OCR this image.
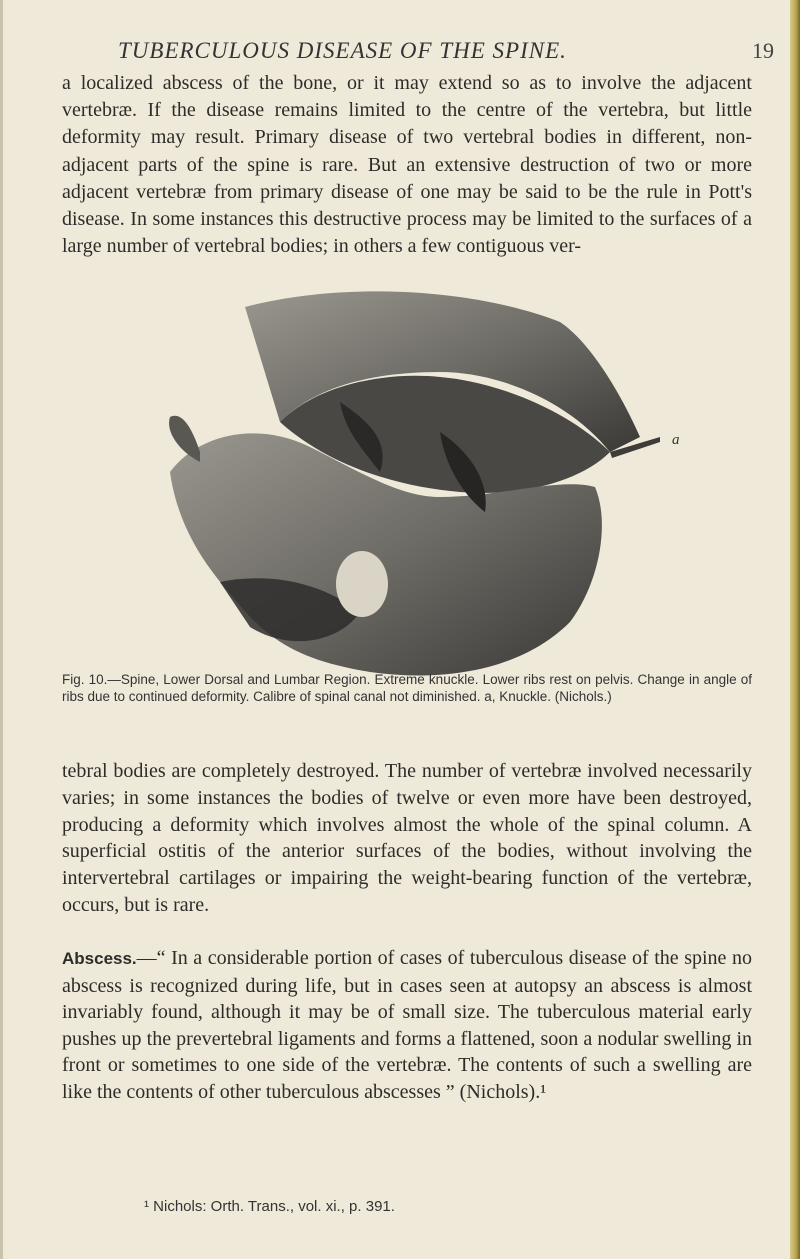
TUBERCULOUS DISEASE OF THE SPINE.	19

a localized abscess of the bone, or it may extend so as to involve the adjacent vertebræ. If the disease remains limited to the centre of the vertebra, but little deformity may result. Primary disease of two vertebral bodies in different, non-adjacent parts of the spine is rare. But an extensive destruction of two or more adjacent vertebræ from primary disease of one may be said to be the rule in Pott's disease. In some instances this destructive process may be limited to the surfaces of a large number of vertebral bodies; in others a few contiguous ver-

a

Fig. 10.—Spine, Lower Dorsal and Lumbar Region. Extreme knuckle. Lower ribs rest on pelvis. Change in angle of ribs due to continued deformity. Calibre of spinal canal not diminished. a, Knuckle. (Nichols.)

tebral bodies are completely destroyed. The number of vertebræ involved necessarily varies; in some instances the bodies of twelve or even more have been destroyed, producing a deformity which involves almost the whole of the spinal column. A superficial ostitis of the anterior surfaces of the bodies, without involving the intervertebral cartilages or impairing the weight-bearing function of the vertebræ, occurs, but is rare.

Abscess.—“ In a considerable portion of cases of tuberculous disease of the spine no abscess is recognized during life, but in cases seen at autopsy an abscess is almost invariably found, although it may be of small size. The tuberculous material early pushes up the prevertebral ligaments and forms a flattened, soon a nodular swelling in front or sometimes to one side of the vertebræ. The contents of such a swelling are like the contents of other tuberculous abscesses ” (Nichols).¹

¹ Nichols: Orth. Trans., vol. xi., p. 391.
